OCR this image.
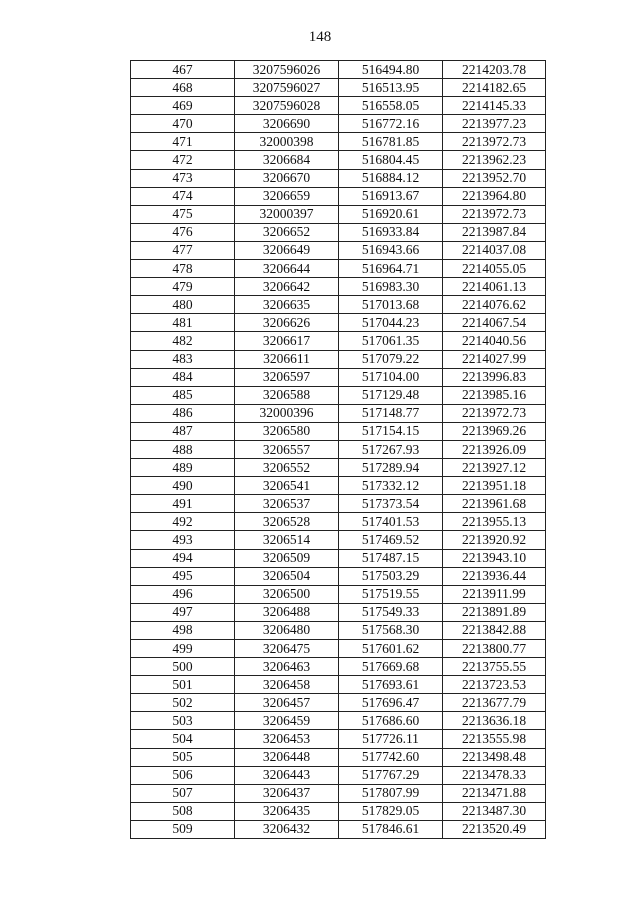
148
467	3207596026	516494.80	2214203.78
468	3207596027	516513.95	2214182.65
469	3207596028	516558.05	2214145.33
470	3206690	516772.16	2213977.23
471	32000398	516781.85	2213972.73
472	3206684	516804.45	2213962.23
473	3206670	516884.12	2213952.70
474	3206659	516913.67	2213964.80
475	32000397	516920.61	2213972.73
476	3206652	516933.84	2213987.84
477	3206649	516943.66	2214037.08
478	3206644	516964.71	2214055.05
479	3206642	516983.30	2214061.13
480	3206635	517013.68	2214076.62
481	3206626	517044.23	2214067.54
482	3206617	517061.35	2214040.56
483	3206611	517079.22	2214027.99
484	3206597	517104.00	2213996.83
485	3206588	517129.48	2213985.16
486	32000396	517148.77	2213972.73
487	3206580	517154.15	2213969.26
488	3206557	517267.93	2213926.09
489	3206552	517289.94	2213927.12
490	3206541	517332.12	2213951.18
491	3206537	517373.54	2213961.68
492	3206528	517401.53	2213955.13
493	3206514	517469.52	2213920.92
494	3206509	517487.15	2213943.10
495	3206504	517503.29	2213936.44
496	3206500	517519.55	2213911.99
497	3206488	517549.33	2213891.89
498	3206480	517568.30	2213842.88
499	3206475	517601.62	2213800.77
500	3206463	517669.68	2213755.55
501	3206458	517693.61	2213723.53
502	3206457	517696.47	2213677.79
503	3206459	517686.60	2213636.18
504	3206453	517726.11	2213555.98
505	3206448	517742.60	2213498.48
506	3206443	517767.29	2213478.33
507	3206437	517807.99	2213471.88
508	3206435	517829.05	2213487.30
509	3206432	517846.61	2213520.49
